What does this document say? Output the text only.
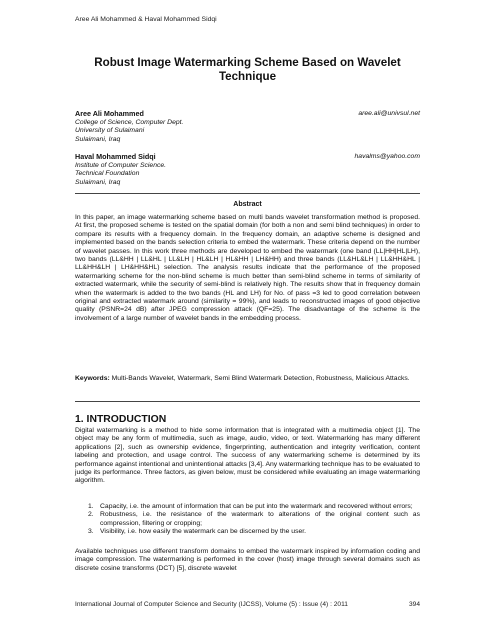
Aree Ali Mohammed & Haval Mohammed Sidqi
Robust Image Watermarking Scheme Based on Wavelet
Technique
Aree Ali Mohammed	aree.ali@univsul.net
College of Science, Computer Dept.
University of Sulaimani
Sulaimani, Iraq
Haval Mohammed Sidqi	havalms@yahoo.com
Institute of Computer Science.
Technical Foundation
Sulaimani, Iraq
Abstract
In this paper, an image watermarking scheme based on multi bands wavelet transformation method is proposed. At first, the proposed scheme is tested on the spatial domain (for both a non and semi blind techniques) in order to compare its results with a frequency domain. In the frequency domain, an adaptive scheme is designed and implemented based on the bands selection criteria to embed the watermark. These criteria depend on the number of wavelet passes. In this work three methods are developed to embed the watermark (one band (LL|HH|HL|LH), two bands (LL&HH | LL&HL | LL&LH | HL&LH | HL&HH | LH&HH) and three bands (LL&HL&LH | LL&HH&HL | LL&HH&LH | LH&HH&HL) selection. The analysis results indicate that the performance of the proposed watermarking scheme for the non-blind scheme is much better than semi-blind scheme in terms of similarity of extracted watermark, while the security of semi-blind is relatively high. The results show that in frequency domain when the watermark is added to the two bands (HL and LH) for No. of pass =3 led to good correlation between original and extracted watermark around (similarity = 99%), and leads to reconstructed images of good objective quality (PSNR=24 dB) after JPEG compression attack (QF=25). The disadvantage of the scheme is the involvement of a large number of wavelet bands in the embedding process.
Keywords: Multi-Bands Wavelet, Watermark, Semi Blind Watermark Detection, Robustness, Malicious Attacks.
1. INTRODUCTION
Digital watermarking is a method to hide some information that is integrated with a multimedia object [1]. The object may be any form of multimedia, such as image, audio, video, or text. Watermarking has many different applications [2], such as ownership evidence, fingerprinting, authentication and integrity verification, content labeling and protection, and usage control. The success of any watermarking scheme is determined by its performance against intentional and unintentional attacks [3,4]. Any watermarking technique has to be evaluated to judge its performance. Three factors, as given below, must be considered while evaluating an image watermarking algorithm.
1. Capacity, i.e. the amount of information that can be put into the watermark and recovered without errors;
2. Robustness, i.e. the resistance of the watermark to alterations of the original content such as compression, filtering or cropping;
3. Visibility, i.e. how easily the watermark can be discerned by the user.
Available techniques use different transform domains to embed the watermark inspired by information coding and image compression. The watermarking is performed in the cover (host) image through several domains such as discrete cosine transforms (DCT) [5], discrete wavelet
International Journal of Computer Science and Security (IJCSS), Volume (5) : Issue (4) : 2011	394
